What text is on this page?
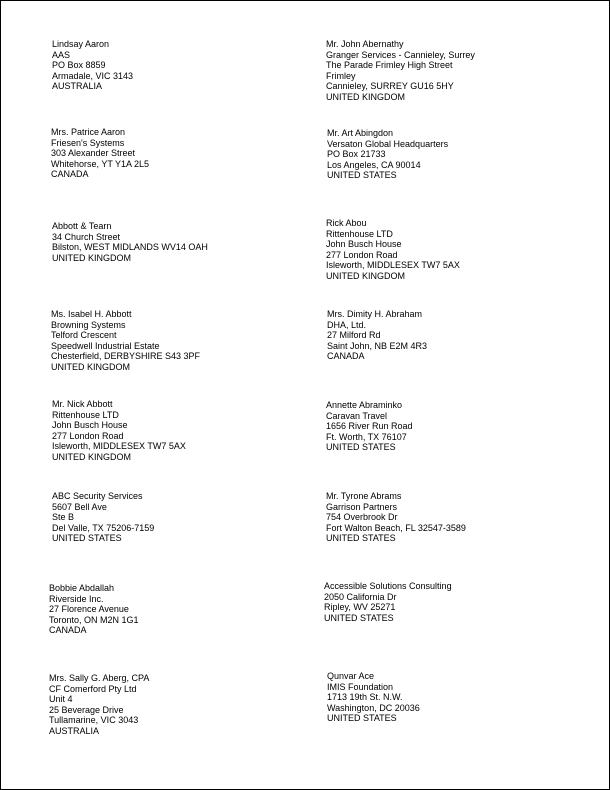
Lindsay Aaron
AAS
PO Box 8859
Armadale, VIC 3143
AUSTRALIA
Mr. John Abernathy
Granger Services - Cannieley, Surrey
The Parade Frimley High Street
Frimley
Cannieley, SURREY GU16 5HY
UNITED KINGDOM
Mrs. Patrice Aaron
Friesen's Systems
303 Alexander Street
Whitehorse, YT Y1A 2L5
CANADA
Mr. Art Abingdon
Versaton Global Headquarters
PO Box 21733
Los Angeles, CA 90014
UNITED STATES
Abbott & Tearn
34 Church Street
Bilston, WEST MIDLANDS WV14 OAH
UNITED KINGDOM
Rick Abou
Rittenhouse LTD
John Busch House
277 London Road
Isleworth, MIDDLESEX TW7 5AX
UNITED KINGDOM
Ms. Isabel H. Abbott
Browning Systems
Telford Crescent
Speedwell Industrial Estate
Chesterfield, DERBYSHIRE S43 3PF
UNITED KINGDOM
Mrs. Dimity H. Abraham
DHA, Ltd.
27 Milford Rd
Saint John, NB E2M 4R3
CANADA
Mr. Nick Abbott
Rittenhouse LTD
John Busch House
277 London Road
Isleworth, MIDDLESEX TW7 5AX
UNITED KINGDOM
Annette Abraminko
Caravan Travel
1656 River Run Road
Ft. Worth, TX 76107
UNITED STATES
ABC Security Services
5607 Bell Ave
Ste B
Del Valle, TX 75206-7159
UNITED STATES
Mr. Tyrone Abrams
Garrison Partners
754 Overbrook Dr
Fort Walton Beach, FL 32547-3589
UNITED STATES
Bobbie Abdallah
Riverside Inc.
27 Florence Avenue
Toronto, ON M2N 1G1
CANADA
Accessible Solutions Consulting
2050 California Dr
Ripley, WV 25271
UNITED STATES
Mrs. Sally G. Aberg, CPA
CF Comerford Pty Ltd
Unit 4
25 Beverage Drive
Tullamarine, VIC 3043
AUSTRALIA
Qunvar Ace
IMIS Foundation
1713 19th St. N.W.
Washington, DC 20036
UNITED STATES
